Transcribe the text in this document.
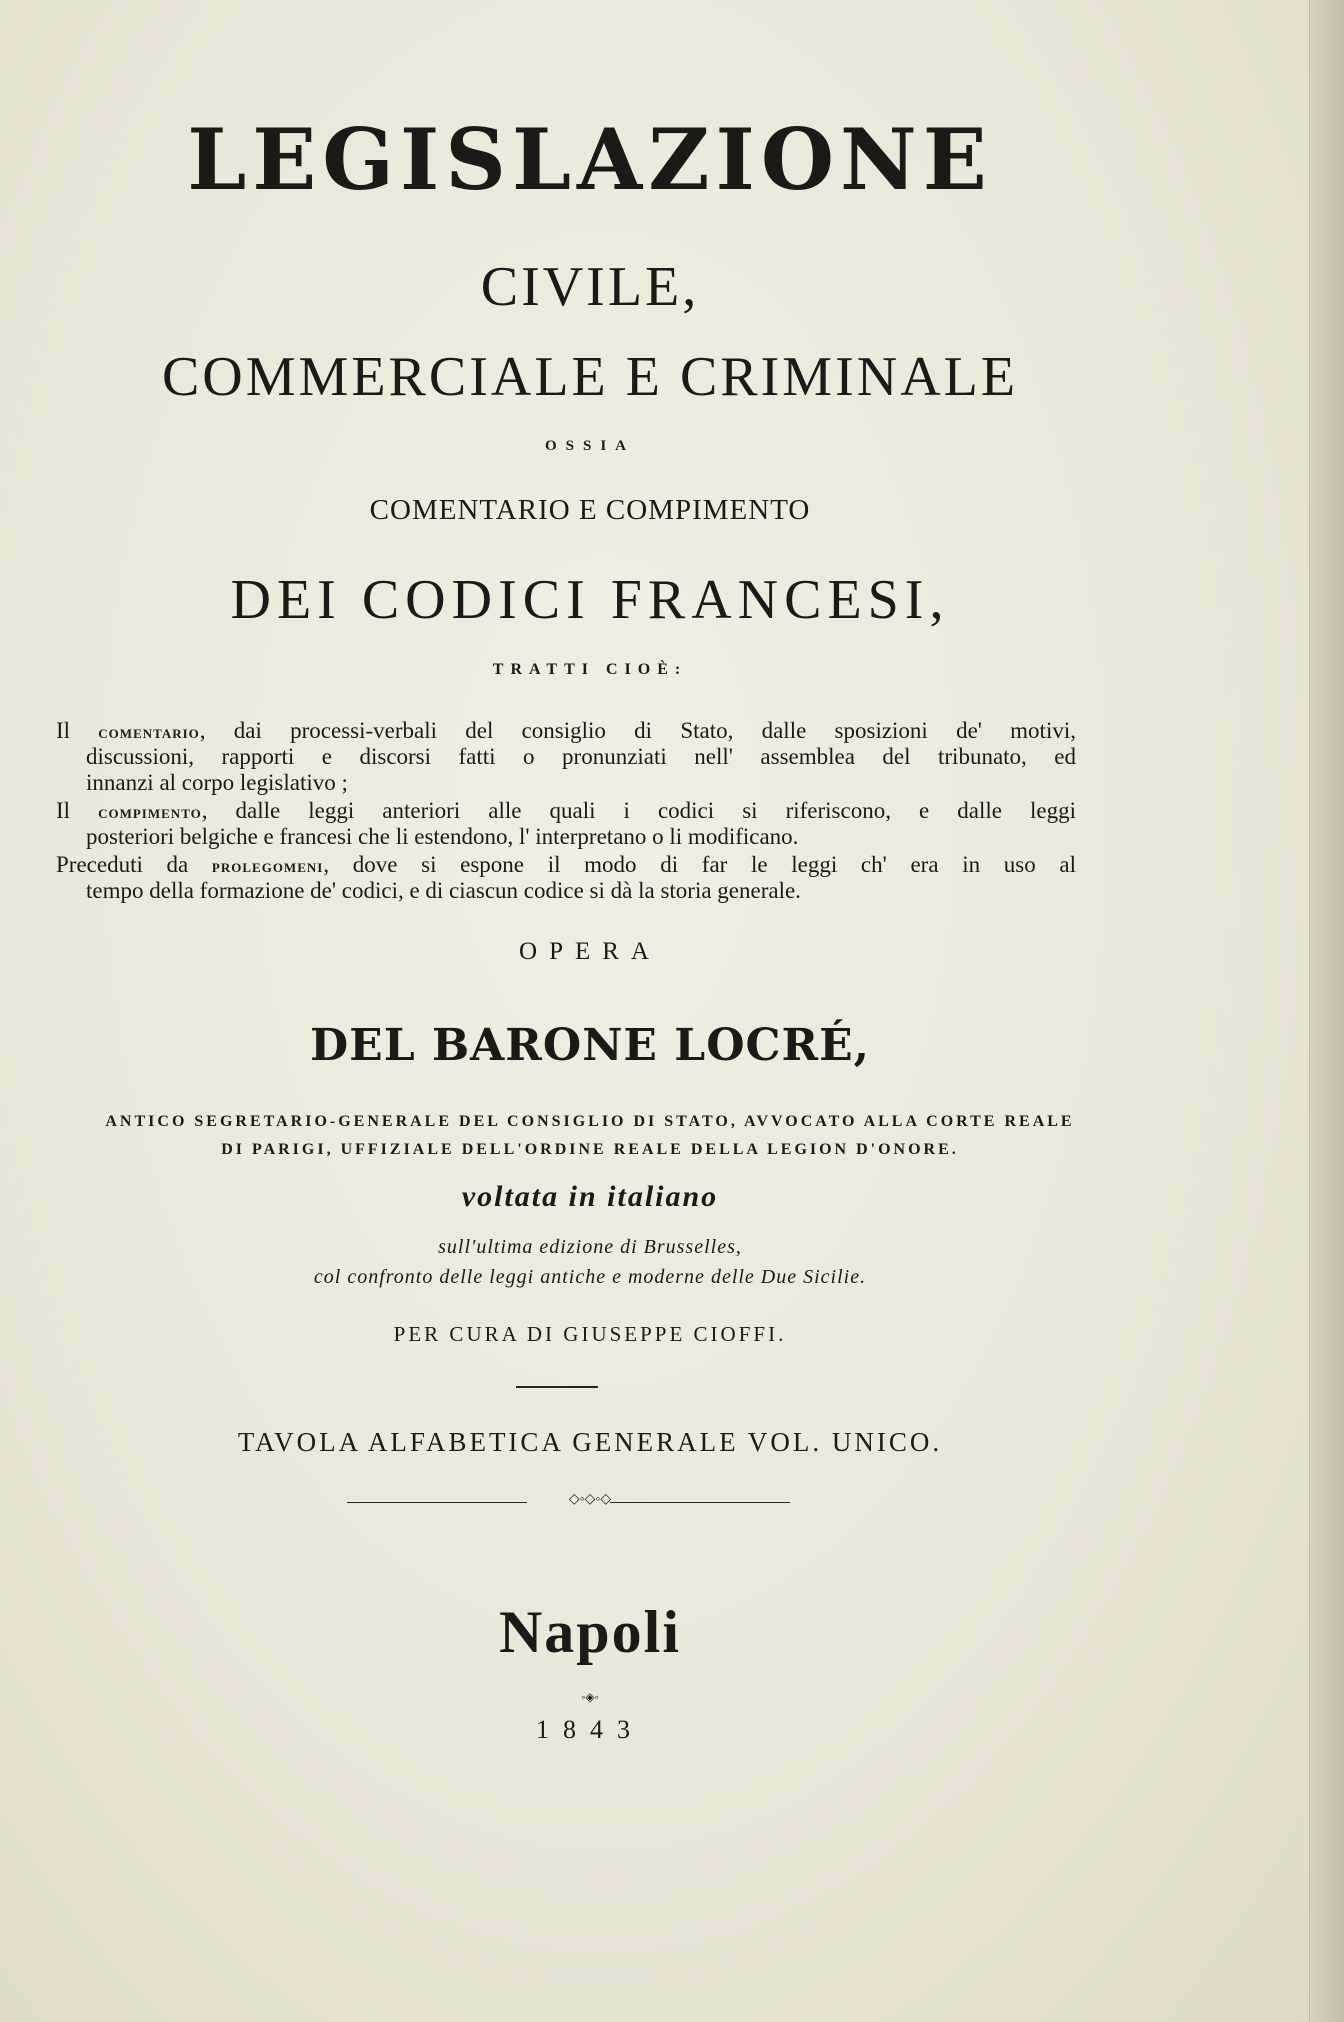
LEGISLAZIONE
CIVILE,
COMMERCIALE E CRIMINALE
OSSIA
COMENTARIO E COMPIMENTO
DEI CODICI FRANCESI,
TRATTI CIOÈ:
Il comentario, dai processi-verbali del consiglio di Stato, dalle sposizioni de' motivi,
discussioni, rapporti e discorsi fatti o pronunziati nell' assemblea del tribunato, ed
innanzi al corpo legislativo ;
Il compimento, dalle leggi anteriori alle quali i codici si riferiscono, e dalle leggi
posteriori belgiche e francesi che li estendono, l' interpretano o li modificano.
Preceduti da prolegomeni, dove si espone il modo di far le leggi ch' era in uso al
tempo della formazione de' codici, e di ciascun codice si dà la storia generale.
OPERA
DEL BARONE LOCRÉ,
ANTICO SEGRETARIO-GENERALE DEL CONSIGLIO DI STATO, AVVOCATO ALLA CORTE REALE
DI PARIGI, UFFIZIALE DELL'ORDINE REALE DELLA LEGION D'ONORE.
voltata in italiano
sull'ultima edizione di Brusselles,
col confronto delle leggi antiche e moderne delle Due Sicilie.
PER CURA DI GIUSEPPE CIOFFI.
TAVOLA ALFABETICA GENERALE VOL. UNICO.
◇◦◇◦◇
Napoli
◦◈◦
1843
